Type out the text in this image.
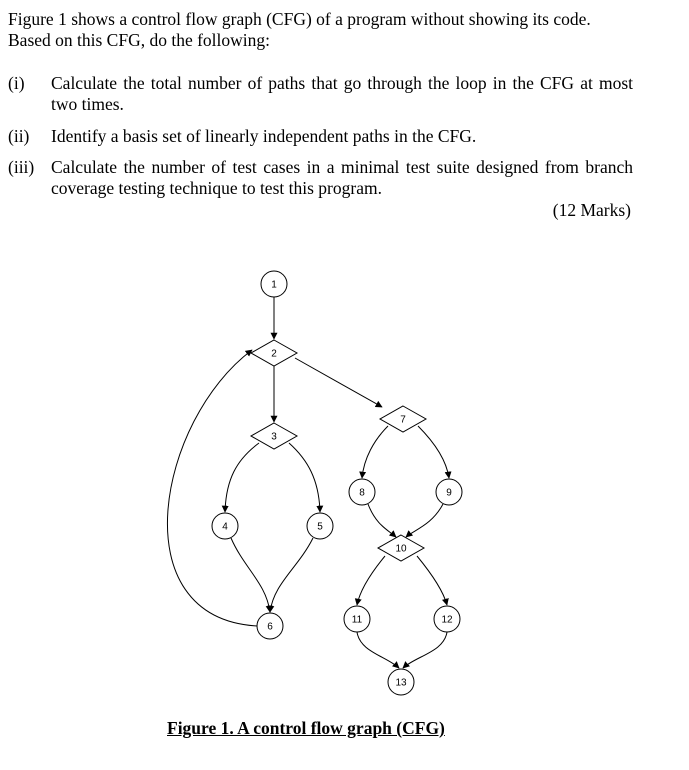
Figure 1 shows a control flow graph (CFG) of a program without showing its code.
Based on this CFG, do the following:
(i) Calculate the total number of paths that go through the loop in the CFG at most two times.
(ii) Identify a basis set of linearly independent paths in the CFG.
(iii) Calculate the number of test cases in a minimal test suite designed from branch coverage testing technique to test this program.
(12 Marks)
1
2
3
4	5
6
7
8	9
10
11	12
13
Figure 1. A control flow graph (CFG)
